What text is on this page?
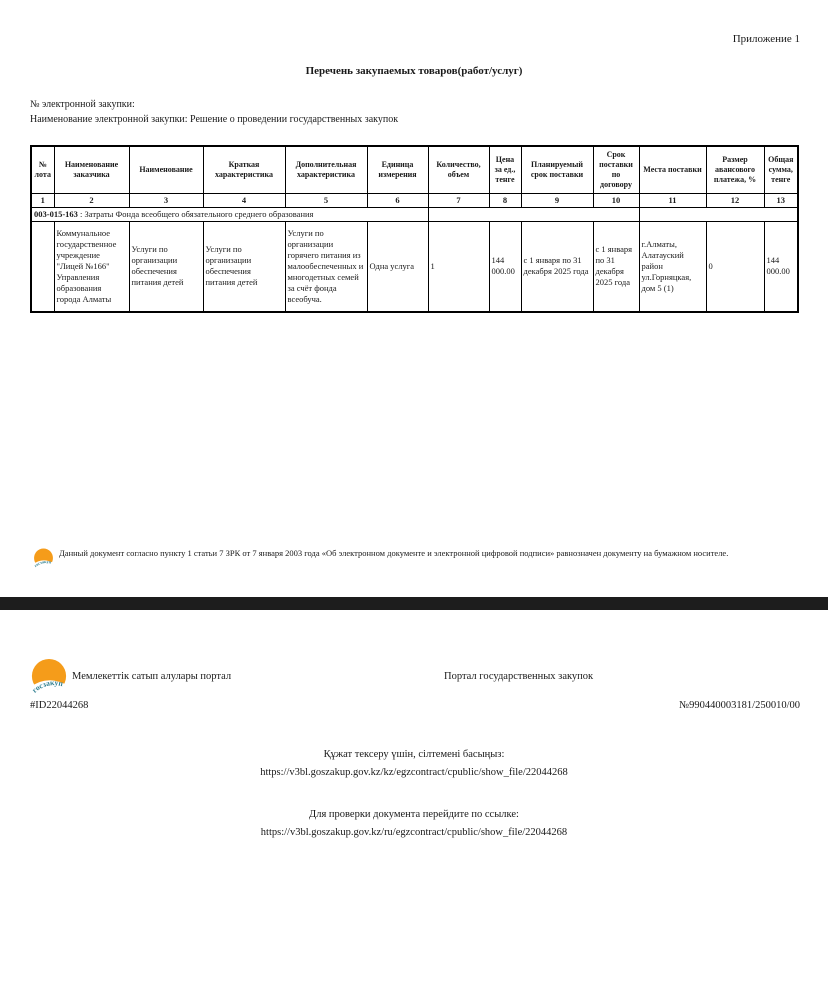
Приложение 1
Перечень закупаемых товаров(работ/услуг)
№ электронной закупки:
Наименование электронной закупки: Решение о проведении государственных закупок
№ лота	Наименование заказчика	Наименование	Краткая характеристика	Дополнительная характеристика	Единица измерения	Количество, объем	Цена за ед., тенге	Планируемый срок поставки	Срок поставки по договору	Места поставки	Размер авансового платежа, %	Общая сумма, тенге
1	2	3	4	5	6	7	8	9	10	11	12	13
003-015-163 : Затраты Фонда всеобщего обязательного среднего образования												
	Коммунальное государственное учреждение "Лицей №166" Управления образования города Алматы	Услуги по организации обеспечения питания детей	Услуги по организации обеспечения питания детей	Услуги по организации горячего питания из малообеспеченных и многодетных семей за счёт фонда всеобуча.	Одна услуга	1	144 000.00	с 1 января по 31 декабря 2025 года	с 1 января по 31 декабря 2025 года	г.Алматы, Алатауский район ул.Горняцкая, дом 5 (1)	0	144 000.00
госзакуп
Данный документ согласно пункту 1 статьи 7 ЗРК от 7 января 2003 года «Об электронном документе и электронной цифровой подписи» равнозначен документу на бумажном носителе.
госзакуп
Мемлекеттік сатып алулары портал	Портал государственных закупок
#ID22044268	№990440003181/250010/00
Құжат тексеру үшін, сілтемені басыңыз:
https://v3bl.goszakup.gov.kz/kz/egzcontract/cpublic/show_file/22044268
Для проверки документа перейдите по ссылке:
https://v3bl.goszakup.gov.kz/ru/egzcontract/cpublic/show_file/22044268
